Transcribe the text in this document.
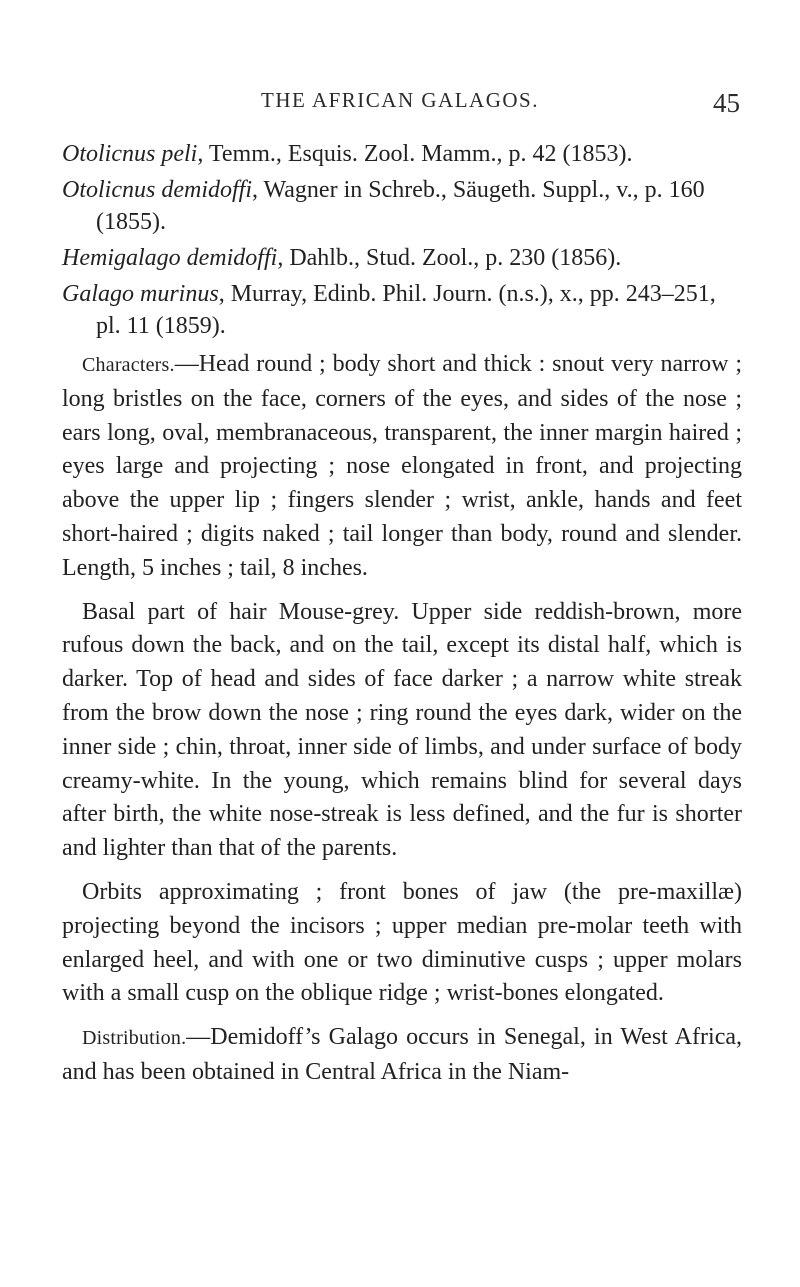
THE AFRICAN GALAGOS.	45

Otolicnus peli, Temm., Esquis. Zool. Mamm., p. 42 (1853).

Otolicnus demidoffi, Wagner in Schreb., Säugeth. Suppl., v., p. 160 (1855).

Hemigalago demidoffi, Dahlb., Stud. Zool., p. 230 (1856).

Galago murinus, Murray, Edinb. Phil. Journ. (n.s.), x., pp. 243–251, pl. 11 (1859).

Characters.—Head round ; body short and thick : snout very narrow ; long bristles on the face, corners of the eyes, and sides of the nose ; ears long, oval, membranaceous, transparent, the inner margin haired ; eyes large and projecting ; nose elongated in front, and projecting above the upper lip ; fingers slender ; wrist, ankle, hands and feet short-haired ; digits naked ; tail longer than body, round and slender. Length, 5 inches ; tail, 8 inches.

Basal part of hair Mouse-grey. Upper side reddish-brown, more rufous down the back, and on the tail, except its distal half, which is darker. Top of head and sides of face darker ; a narrow white streak from the brow down the nose ; ring round the eyes dark, wider on the inner side ; chin, throat, inner side of limbs, and under surface of body creamy-white. In the young, which remains blind for several days after birth, the white nose-streak is less defined, and the fur is shorter and lighter than that of the parents.

Orbits approximating ; front bones of jaw (the pre-maxillæ) projecting beyond the incisors ; upper median pre-molar teeth with enlarged heel, and with one or two diminutive cusps ; upper molars with a small cusp on the oblique ridge ; wrist-bones elongated.

Distribution.—Demidoff’s Galago occurs in Senegal, in West Africa, and has been obtained in Central Africa in the Niam-
